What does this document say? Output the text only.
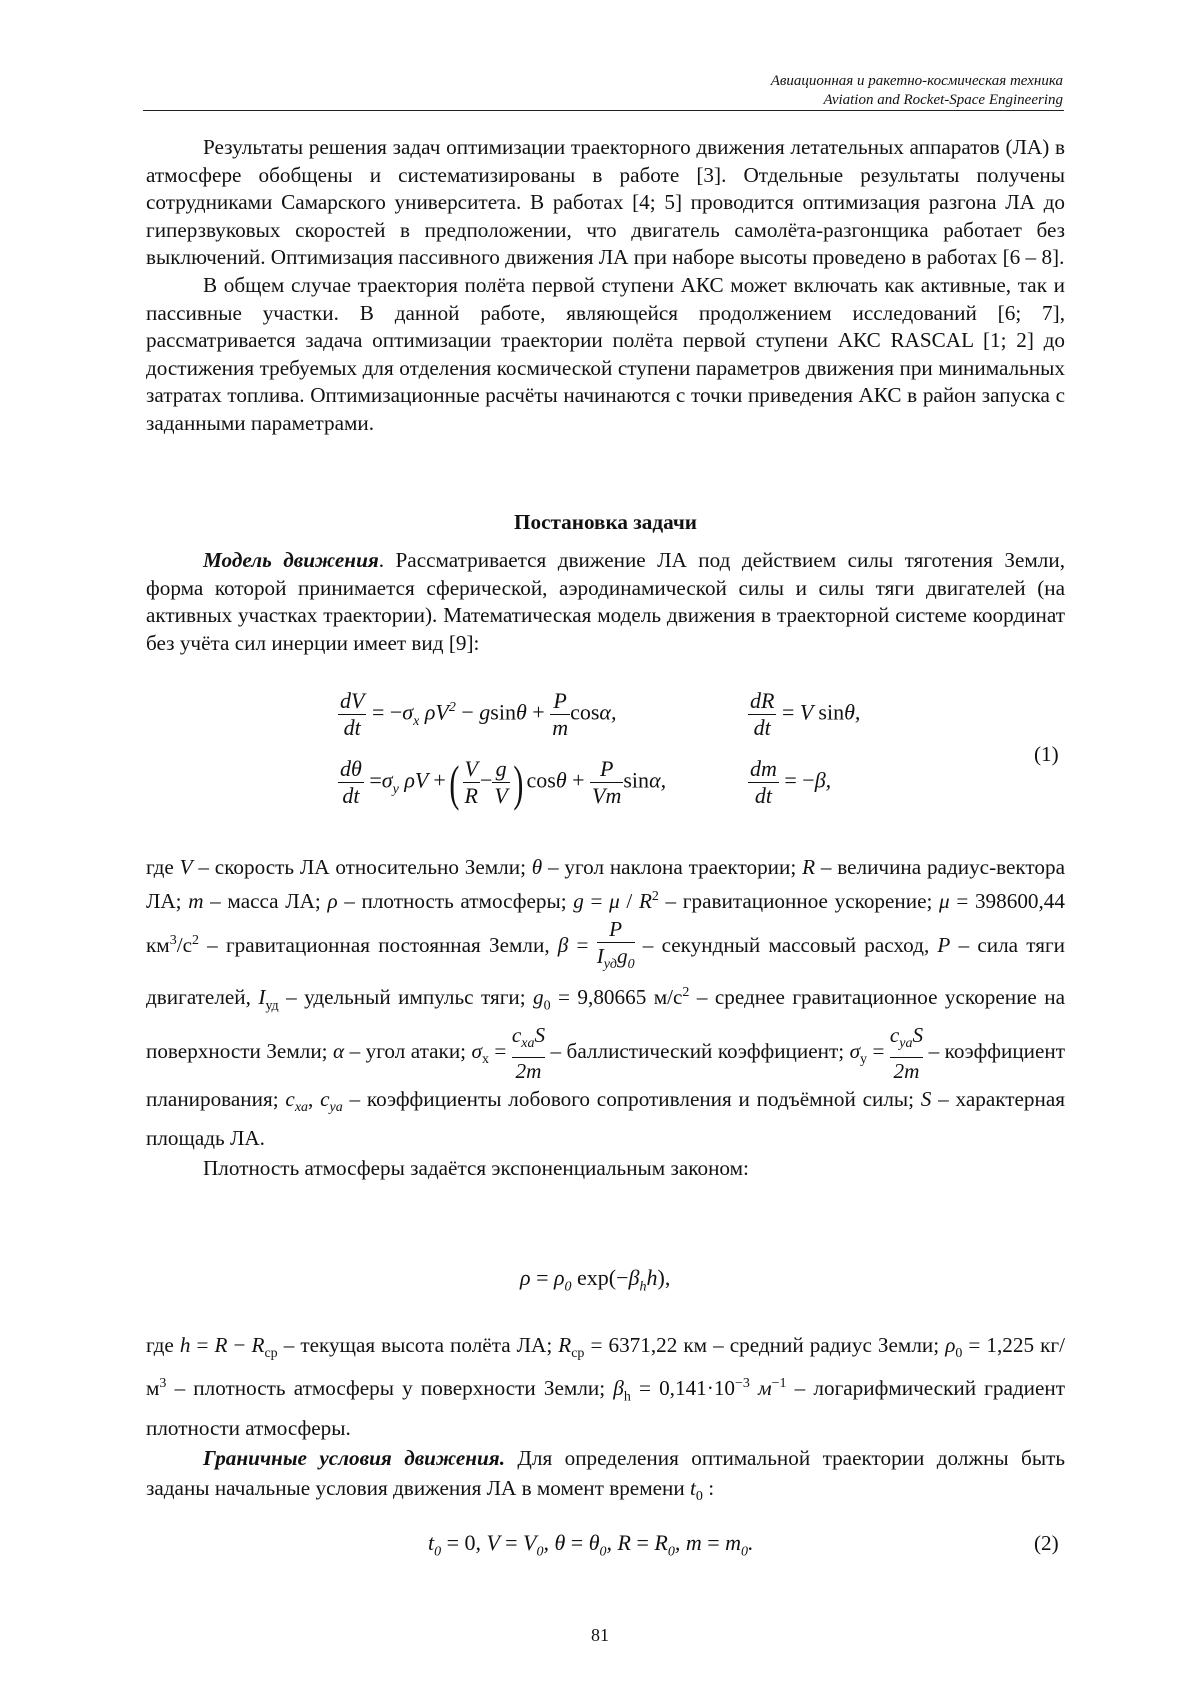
Авиационная и ракетно-космическая техника
Aviation and Rocket-Space Engineering

Результаты решения задач оптимизации траекторного движения летательных аппаратов (ЛА) в атмосфере обобщены и систематизированы в работе [3]. Отдельные результаты получены сотрудниками Самарского университета. В работах [4; 5] проводится оптимизация разгона ЛА до гиперзвуковых скоростей в предположении, что двигатель самолёта-разгонщика работает без выключений. Оптимизация пассивного движения ЛА при наборе высоты проведено в работах [6 – 8].

В общем случае траектория полёта первой ступени АКС может включать как активные, так и пассивные участки. В данной работе, являющейся продолжением исследований [6; 7], рассматривается задача оптимизации траектории полёта первой ступени АКС RASCAL [1; 2] до достижения требуемых для отделения космической ступени параметров движения при минимальных затратах топлива. Оптимизационные расчёты начинаются с точки приведения АКС в район запуска с заданными параметрами.

Постановка задачи

Модель движения. Рассматривается движение ЛА под действием силы тяготения Земли, форма которой принимается сферической, аэродинамической силы и силы тяги двигателей (на активных участках траектории). Математическая модель движения в траекторной системе координат без учёта сил инерции имеет вид [9]:

$\frac{dV}{dt} = -\sigma_x$ $\rho V^2 - gsin\theta + \frac{P}{m} \cos\alpha$,	$\frac{dR}{dt} = V$ sinθ,
$\frac{d\theta}{dt} =\sigma_y$ ρV +( $\frac{V}{R} - \frac{g}{V}$ ) $\cos\theta + \frac{P}{Vm} \sin\alpha$,	$\frac{dm}{dt} = -\beta$,
(1)

где V – скорость ЛА относительно Земли; θ – угол наклона траектории; R – величина радиус-вектора ЛА; m – масса ЛА; ρ – плотность атмосферы; $g = \mu / R^2$ – гравитационное ускорение; μ = 398600,44 $км^3/с^2$ – гравитационная постоянная Земли, $\beta = \frac{P}{I_{уд}g_0}$ – секундный массовый расход, P – сила тяги двигателей, $I_{уд}$ – удельный импульс тяги; $g_0 = 9,80665$ $м/с^2$ – среднее гравитационное ускорение на поверхности Земли; α – угол атаки; $\sigma_x = \frac{c_{xa}S}{2m}$ – баллистический коэффициент; $\sigma_y = \frac{c_{ya}S}{2m}$ – коэффициент планирования; $c_{xa}$, $c_{ya}$ – коэффициенты лобового сопротивления и подъёмной силы; S – характерная площадь ЛА.

Плотность атмосферы задаётся экспоненциальным законом:

$\rho = \rho_0$ $\exp(-\beta_hh)$,

где $h = R - R_{ср}$ – текущая высота полёта ЛА; $R_{ср} = 6371,22$ км – средний радиус Земли; $\rho_0 = 1,225$ $кг/м^3$ – плотность атмосферы у поверхности Земли; $\beta_h = 0,141\cdot 10^{-3}$ $м^{-1}$ – логарифмический градиент плотности атмосферы.

Граничные условия движения. Для определения оптимальной траектории должны быть заданы начальные условия движения ЛА в момент времени $t_0$ :

$t_0 = 0$, $V = V_0$, $\theta = \theta_0$, $R = R_0$, $m = m_0$.	(2)
81
